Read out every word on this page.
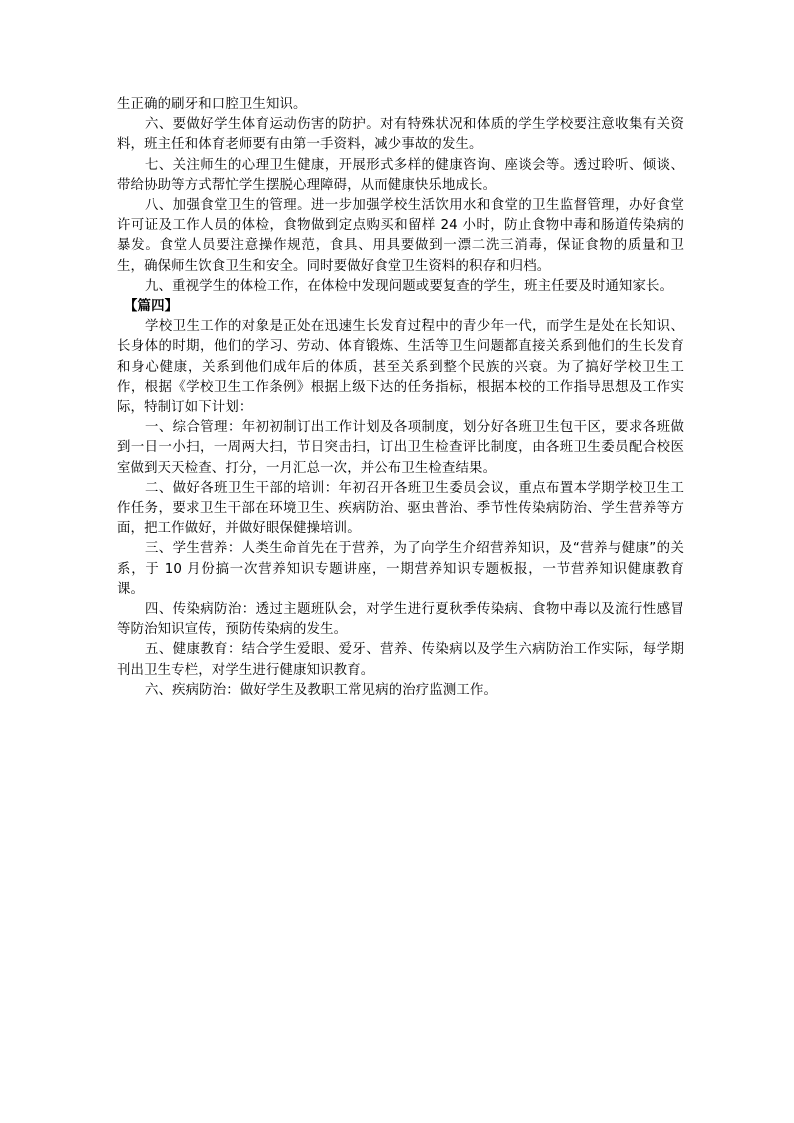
生正确的刷牙和口腔卫生知识。

六、要做好学生体育运动伤害的防护。对有特殊状况和体质的学生学校要注意收集有关资料，班主任和体育老师要有由第一手资料，减少事故的发生。

七、关注师生的心理卫生健康，开展形式多样的健康咨询、座谈会等。透过聆听、倾谈、带给协助等方式帮忙学生摆脱心理障碍，从而健康快乐地成长。

八、加强食堂卫生的管理。进一步加强学校生活饮用水和食堂的卫生监督管理，办好食堂许可证及工作人员的体检，食物做到定点购买和留样 24 小时，防止食物中毒和肠道传染病的暴发。食堂人员要注意操作规范，食具、用具要做到一漂二洗三消毒，保证食物的质量和卫生，确保师生饮食卫生和安全。同时要做好食堂卫生资料的积存和归档。

九、重视学生的体检工作，在体检中发现问题或要复查的学生，班主任要及时通知家长。

【篇四】

学校卫生工作的对象是正处在迅速生长发育过程中的青少年一代，而学生是处在长知识、长身体的时期，他们的学习、劳动、体育锻炼、生活等卫生问题都直接关系到他们的生长发育和身心健康，关系到他们成年后的体质，甚至关系到整个民族的兴衰。为了搞好学校卫生工作，根据《学校卫生工作条例》根据上级下达的任务指标，根据本校的工作指导思想及工作实际，特制订如下计划：

一、综合管理：年初初制订出工作计划及各项制度，划分好各班卫生包干区，要求各班做到一日一小扫，一周两大扫，节日突击扫，订出卫生检查评比制度，由各班卫生委员配合校医室做到天天检查、打分，一月汇总一次，并公布卫生检查结果。

二、做好各班卫生干部的培训：年初召开各班卫生委员会议，重点布置本学期学校卫生工作任务，要求卫生干部在环境卫生、疾病防治、驱虫普治、季节性传染病防治、学生营养等方面，把工作做好，并做好眼保健操培训。

三、学生营养：人类生命首先在于营养，为了向学生介绍营养知识，及“营养与健康”的关系，于 10 月份搞一次营养知识专题讲座，一期营养知识专题板报，一节营养知识健康教育课。

四、传染病防治：透过主题班队会，对学生进行夏秋季传染病、食物中毒以及流行性感冒等防治知识宣传，预防传染病的发生。

五、健康教育：结合学生爱眼、爱牙、营养、传染病以及学生六病防治工作实际，每学期刊出卫生专栏，对学生进行健康知识教育。

六、疾病防治：做好学生及教职工常见病的治疗监测工作。
